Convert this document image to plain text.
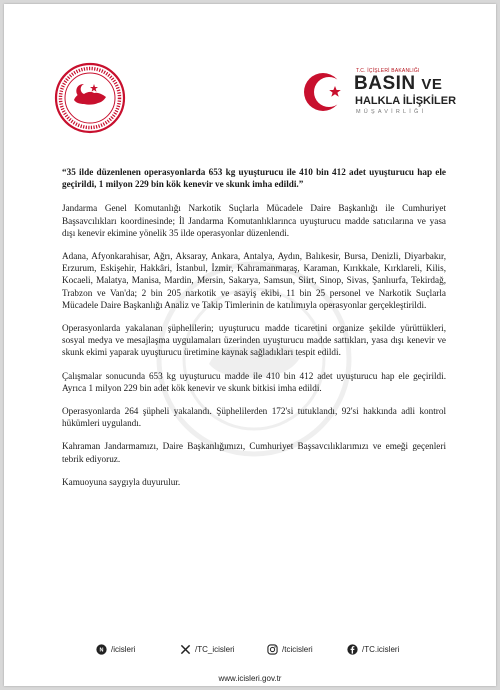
T.C. İÇİŞLERİ BAKANLIĞI
BASIN VE
HALKLA İLİŞKİLER
MÜŞAVİRLİĞİ

“35 ilde düzenlenen operasyonlarda 653 kg uyuşturucu ile 410 bin 412 adet uyuşturucu hap ele geçirildi, 1 milyon 229 bin kök kenevir ve skunk imha edildi.”

Jandarma Genel Komutanlığı Narkotik Suçlarla Mücadele Daire Başkanlığı ile Cumhuriyet Başsavcılıkları koordinesinde; İl Jandarma Komutanlıklarınca uyuşturucu madde satıcılarına ve yasa dışı kenevir ekimine yönelik 35 ilde operasyonlar düzenlendi.

Adana, Afyonkarahisar, Ağrı, Aksaray, Ankara, Antalya, Aydın, Balıkesir, Bursa, Denizli, Diyarbakır, Erzurum, Eskişehir, Hakkâri, İstanbul, İzmir, Kahramanmaraş, Karaman, Kırıkkale, Kırklareli, Kilis, Kocaeli, Malatya, Manisa, Mardin, Mersin, Sakarya, Samsun, Siirt, Sinop, Sivas, Şanlıurfa, Tekirdağ, Trabzon ve Van'da; 2 bin 205 narkotik ve asayiş ekibi, 11 bin 25 personel ve Narkotik Suçlarla Mücadele Daire Başkanlığı Analiz ve Takip Timlerinin de katılımıyla operasyonlar gerçekleştirildi.

Operasyonlarda yakalanan şüphelilerin; uyuşturucu madde ticaretini organize şekilde yürüttükleri, sosyal medya ve mesajlaşma uygulamaları üzerinden uyuşturucu madde sattıkları, yasa dışı kenevir ve skunk ekimi yaparak uyuşturucu üretimine kaynak sağladıkları tespit edildi.

Çalışmalar sonucunda 653 kg uyuşturucu madde ile 410 bin 412 adet uyuşturucu hap ele geçirildi. Ayrıca 1 milyon 229 bin adet kök kenevir ve skunk bitkisi imha edildi.

Operasyonlarda 264 şüpheli yakalandı. Şüphelilerden 172'si tutuklandı, 92'si hakkında adli kontrol hükümleri uygulandı.

Kahraman Jandarmamızı, Daire Başkanlığımızı, Cumhuriyet Başsavcılıklarımızı ve emeği geçenleri tebrik ediyoruz.

Kamuoyuna saygıyla duyurulur.

N /icisleri	/TC_icisleri	/tcicisleri	/TC.icisleri
www.icisleri.gov.tr
